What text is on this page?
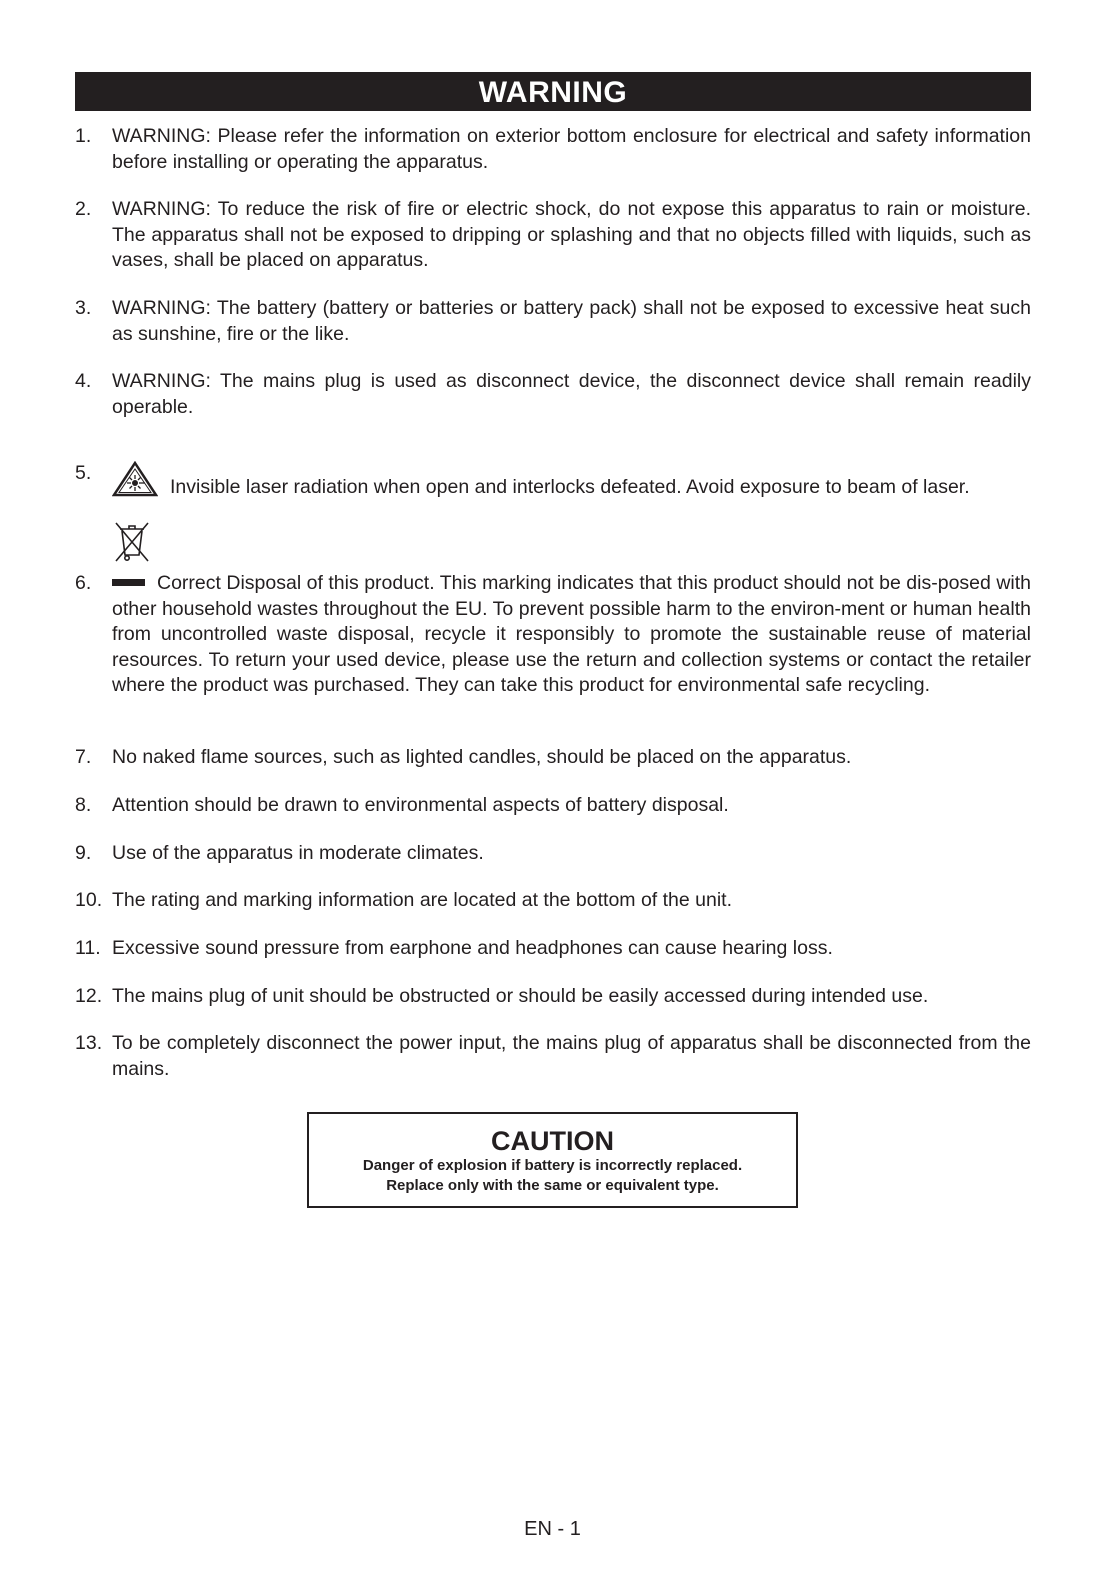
WARNING
1. WARNING: Please refer the information on exterior bottom enclosure for electrical and safety information before installing or operating the apparatus.
2. WARNING: To reduce the risk of fire or electric shock, do not expose this apparatus to rain or moisture. The apparatus shall not be exposed to dripping or splashing and that no objects filled with liquids, such as vases, shall be placed on apparatus.
3. WARNING: The battery (battery or batteries or battery pack) shall not be exposed to excessive heat such as sunshine, fire or the like.
4. WARNING: The mains plug is used as disconnect device, the disconnect device shall remain readily operable.
5.
Invisible laser radiation when open and interlocks defeated. Avoid exposure to beam of laser.
6.	Correct Disposal of this product. This marking indicates that this product should not be dis-posed with other household wastes throughout the EU. To prevent possible harm to the environ-ment or human health from uncontrolled waste disposal, recycle it responsibly to promote the sustainable reuse of material resources. To return your used device, please use the return and collection systems or contact the retailer where the product was purchased. They can take this product for environmental safe recycling.
7. No naked flame sources, such as lighted candles, should be placed on the apparatus.
8. Attention should be drawn to environmental aspects of battery disposal.
9. Use of the apparatus in moderate climates.
10. The rating and marking information are located at the bottom of the unit.
11. Excessive sound pressure from earphone and headphones can cause hearing loss.
12. The mains plug of unit should be obstructed or should be easily accessed during intended use.
13. To be completely disconnect the power input, the mains plug of apparatus shall be disconnected from the mains.
CAUTION
Danger of explosion if battery is incorrectly replaced.
Replace only with the same or equivalent type.
EN - 1
